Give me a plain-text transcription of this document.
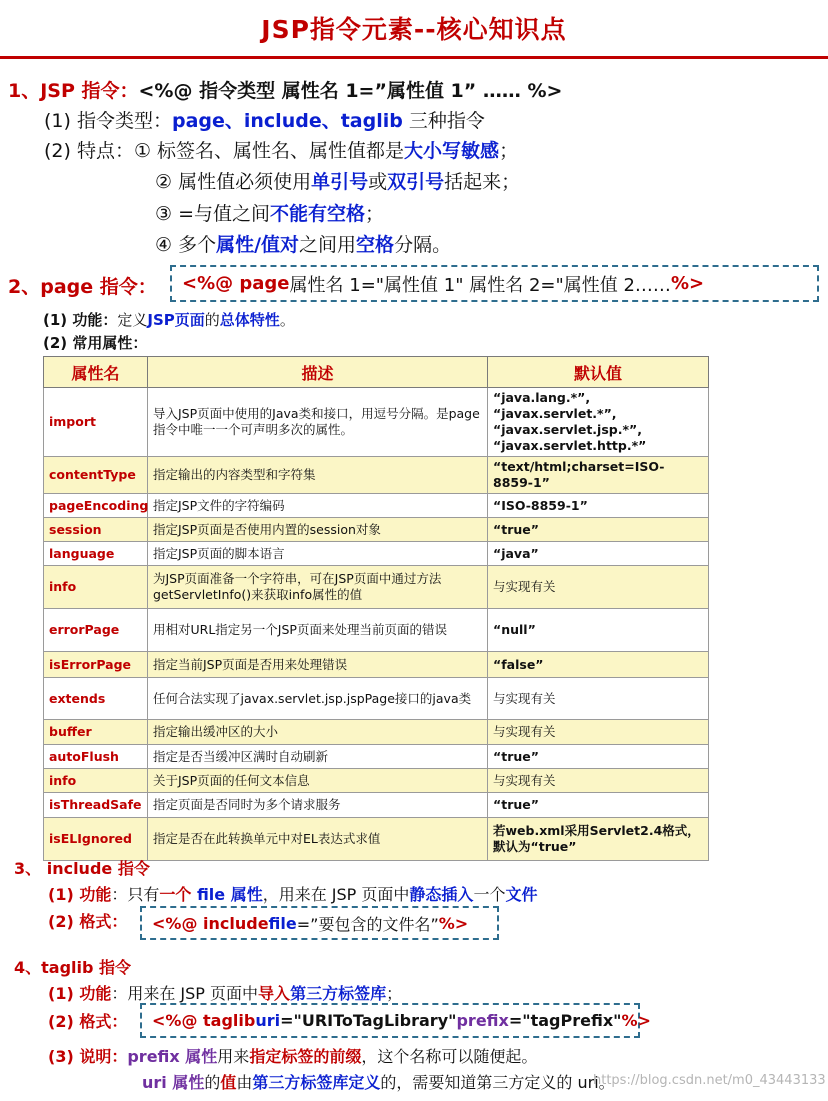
JSP指令元素--核心知识点
1、JSP 指令：<%@ 指令类型 属性名 1=”属性值 1” …… %>
(1) 指令类型：page、include、taglib 三种指令
(2) 特点：① 标签名、属性名、属性值都是大小写敏感；
② 属性值必须使用单引号或双引号括起来；
③ =与值之间不能有空格；
④ 多个属性/值对之间用空格分隔。
2、page 指令： <%@ page 属性名 1="属性值 1" 属性名 2="属性值 2…… %>
(1) 功能：定义JSP页面的总体特性。
(2) 常用属性：
属性名	描述	默认值
import	导入JSP页面中使用的Java类和接口，用逗号分隔。是page指令中唯一一个可声明多次的属性。	“java.lang.*”, “javax.servlet.*”, “javax.servlet.jsp.*”, “javax.servlet.http.*”
contentType	指定输出的内容类型和字符集	“text/html;charset=ISO-8859-1”
pageEncoding	指定JSP文件的字符编码	“ISO-8859-1”
session	指定JSP页面是否使用内置的session对象	“true”
language	指定JSP页面的脚本语言	“java”
info	为JSP页面准备一个字符串，可在JSP页面中通过方法getServletInfo()来获取info属性的值	与实现有关
errorPage	用相对URL指定另一个JSP页面来处理当前页面的错误	“null”
isErrorPage	指定当前JSP页面是否用来处理错误	“false”
extends	任何合法实现了javax.servlet.jsp.jspPage接口的java类	与实现有关
buffer	指定输出缓冲区的大小	与实现有关
autoFlush	指定是否当缓冲区满时自动刷新	“true”
info	关于JSP页面的任何文本信息	与实现有关
isThreadSafe	指定页面是否同时为多个请求服务	“true”
isELIgnored	指定是否在此转换单元中对EL表达式求值	若web.xml采用Servlet2.4格式，默认为“true”
3、 include 指令
(1) 功能：只有一个 file 属性，用来在 JSP 页面中静态插入一个文件
(2) 格式： <%@ include file =”要包含的文件名” %>
4、taglib 指令
(1) 功能：用来在 JSP 页面中导入第三方标签库；
(2) 格式： <%@ taglib uri ="URIToTagLibrary" prefix ="tagPrefix" %>
(3) 说明：prefix 属性用来指定标签的前缀，这个名称可以随便起。
uri 属性的值由第三方标签库定义的，需要知道第三方定义的 uri。
https://blog.csdn.net/m0_43443133
